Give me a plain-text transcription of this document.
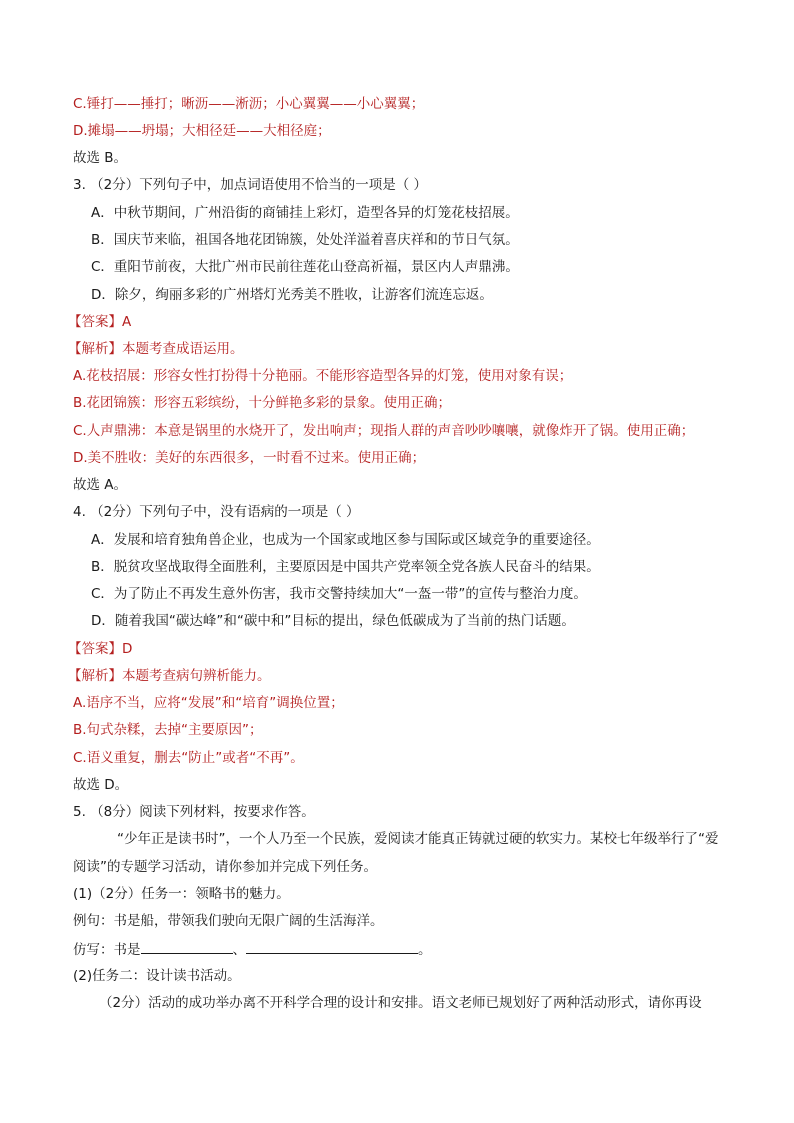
C.锤打——捶打；晰沥——淅沥；小心翼翼——小心翼翼；
D.摊塌——坍塌；大相径廷——大相径庭；
故选 B。
3. （2分）下列句子中，加点词语使用不恰当的一项是（ ）
A．中秋节期间，广州沿街的商铺挂上彩灯，造型各异的灯笼花枝招展。
B．国庆节来临，祖国各地花团锦簇，处处洋溢着喜庆祥和的节日气氛。
C．重阳节前夜，大批广州市民前往莲花山登高祈福，景区内人声鼎沸。
D．除夕，绚丽多彩的广州塔灯光秀美不胜收，让游客们流连忘返。
【答案】A
【解析】本题考查成语运用。
A.花枝招展：形容女性打扮得十分艳丽。不能形容造型各异的灯笼，使用对象有误；
B.花团锦簇：形容五彩缤纷，十分鲜艳多彩的景象。使用正确；
C.人声鼎沸：本意是锅里的水烧开了，发出响声；现指人群的声音吵吵嚷嚷，就像炸开了锅。使用正确；
D.美不胜收：美好的东西很多，一时看不过来。使用正确；
故选 A。
4. （2分）下列句子中，没有语病的一项是（ ）
A．发展和培育独角兽企业，也成为一个国家或地区参与国际或区域竞争的重要途径。
B．脱贫攻坚战取得全面胜利，主要原因是中国共产党率领全党各族人民奋斗的结果。
C．为了防止不再发生意外伤害，我市交警持续加大“一盔一带”的宣传与整治力度。
D．随着我国“碳达峰”和“碳中和”目标的提出，绿色低碳成为了当前的热门话题。
【答案】D
【解析】本题考查病句辨析能力。
A.语序不当，应将“发展”和“培育”调换位置；
B.句式杂糅，去掉“主要原因”；
C.语义重复，删去“防止”或者“不再”。
故选 D。
5. （8分）阅读下列材料，按要求作答。
“少年正是读书时”，一个人乃至一个民族，爱阅读才能真正铸就过硬的软实力。某校七年级举行了“爱
阅读”的专题学习活动，请你参加并完成下列任务。
(1)（2分）任务一：领略书的魅力。
例句：书是船，带领我们驶向无限广阔的生活海洋。
仿写：书是	、	。
(2)任务二：设计读书活动。
（2分）活动的成功举办离不开科学合理的设计和安排。语文老师已规划好了两种活动形式，请你再设
